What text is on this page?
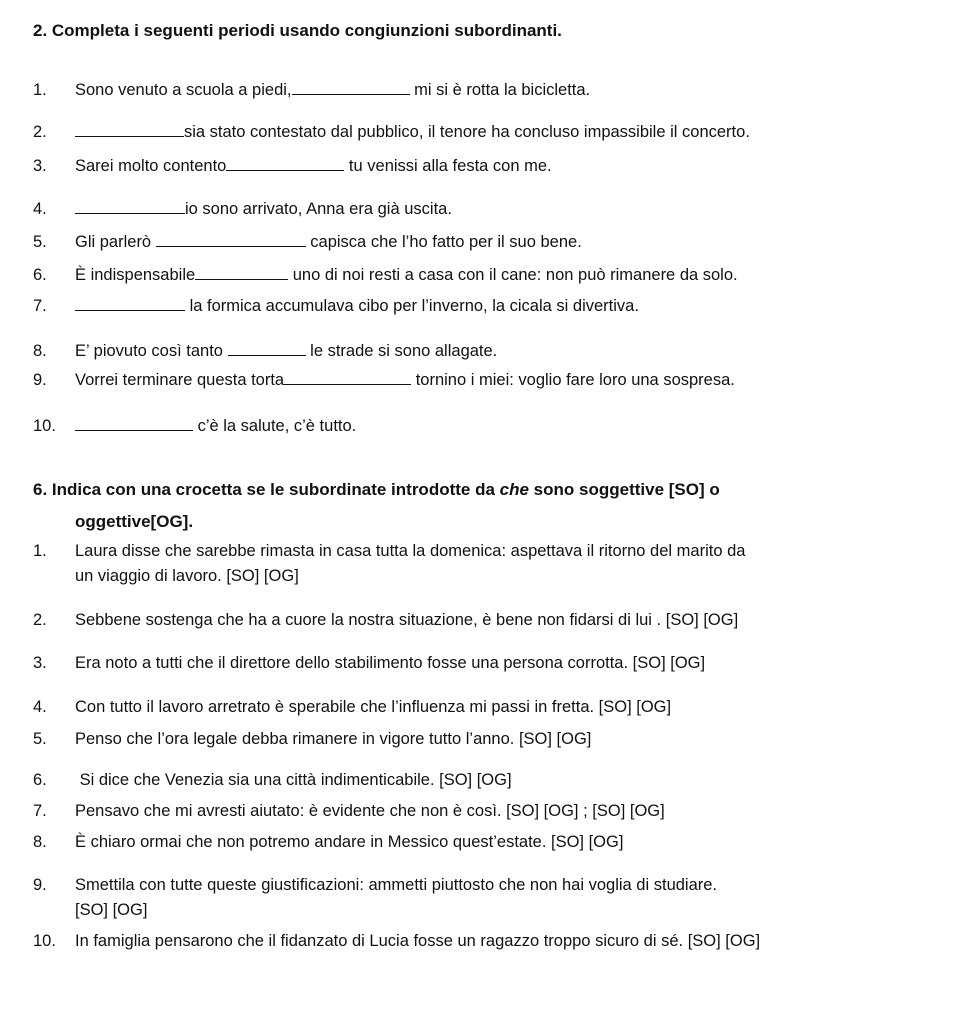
2. Completa i seguenti periodi usando congiunzioni subordinanti.
1. Sono venuto a scuola a piedi,	mi si è rotta la bicicletta.
2.	sia stato contestato dal pubblico, il tenore ha concluso impassibile il concerto.
3. Sarei molto contento	tu venissi alla festa con me.
4.	io sono arrivato, Anna era già uscita.
5. Gli parlerò	capisca che l’ho fatto per il suo bene.
6. È indispensabile	uno di noi resti a casa con il cane: non può rimanere da solo.
7.	la formica accumulava cibo per l’inverno, la cicala si divertiva.
8. E’ piovuto così tanto	le strade si sono allagate.
9. Vorrei terminare questa torta	tornino i miei: voglio fare loro una sospresa.
10.	c’è la salute, c’è tutto.
6. Indica con una crocetta se le subordinate introdotte da che sono soggettive [SO] o
oggettive[OG].
1. Laura disse che sarebbe rimasta in casa tutta la domenica: aspettava il ritorno del marito da
un viaggio di lavoro. [SO] [OG]
2. Sebbene sostenga che ha a cuore la nostra situazione, è bene non fidarsi di lui . [SO] [OG]
3. Era noto a tutti che il direttore dello stabilimento fosse una persona corrotta. [SO] [OG]
4. Con tutto il lavoro arretrato è sperabile che l’influenza mi passi in fretta. [SO] [OG]
5. Penso che l’ora legale debba rimanere in vigore tutto l’anno. [SO] [OG]
6. Si dice che Venezia sia una città indimenticabile. [SO] [OG]
7. Pensavo che mi avresti aiutato: è evidente che non è così. [SO] [OG] ; [SO] [OG]
8. È chiaro ormai che non potremo andare in Messico quest’estate. [SO] [OG]
9. Smettila con tutte queste giustificazioni: ammetti piuttosto che non hai voglia di studiare.
[SO] [OG]
10. In famiglia pensarono che il fidanzato di Lucia fosse un ragazzo troppo sicuro di sé. [SO] [OG]
